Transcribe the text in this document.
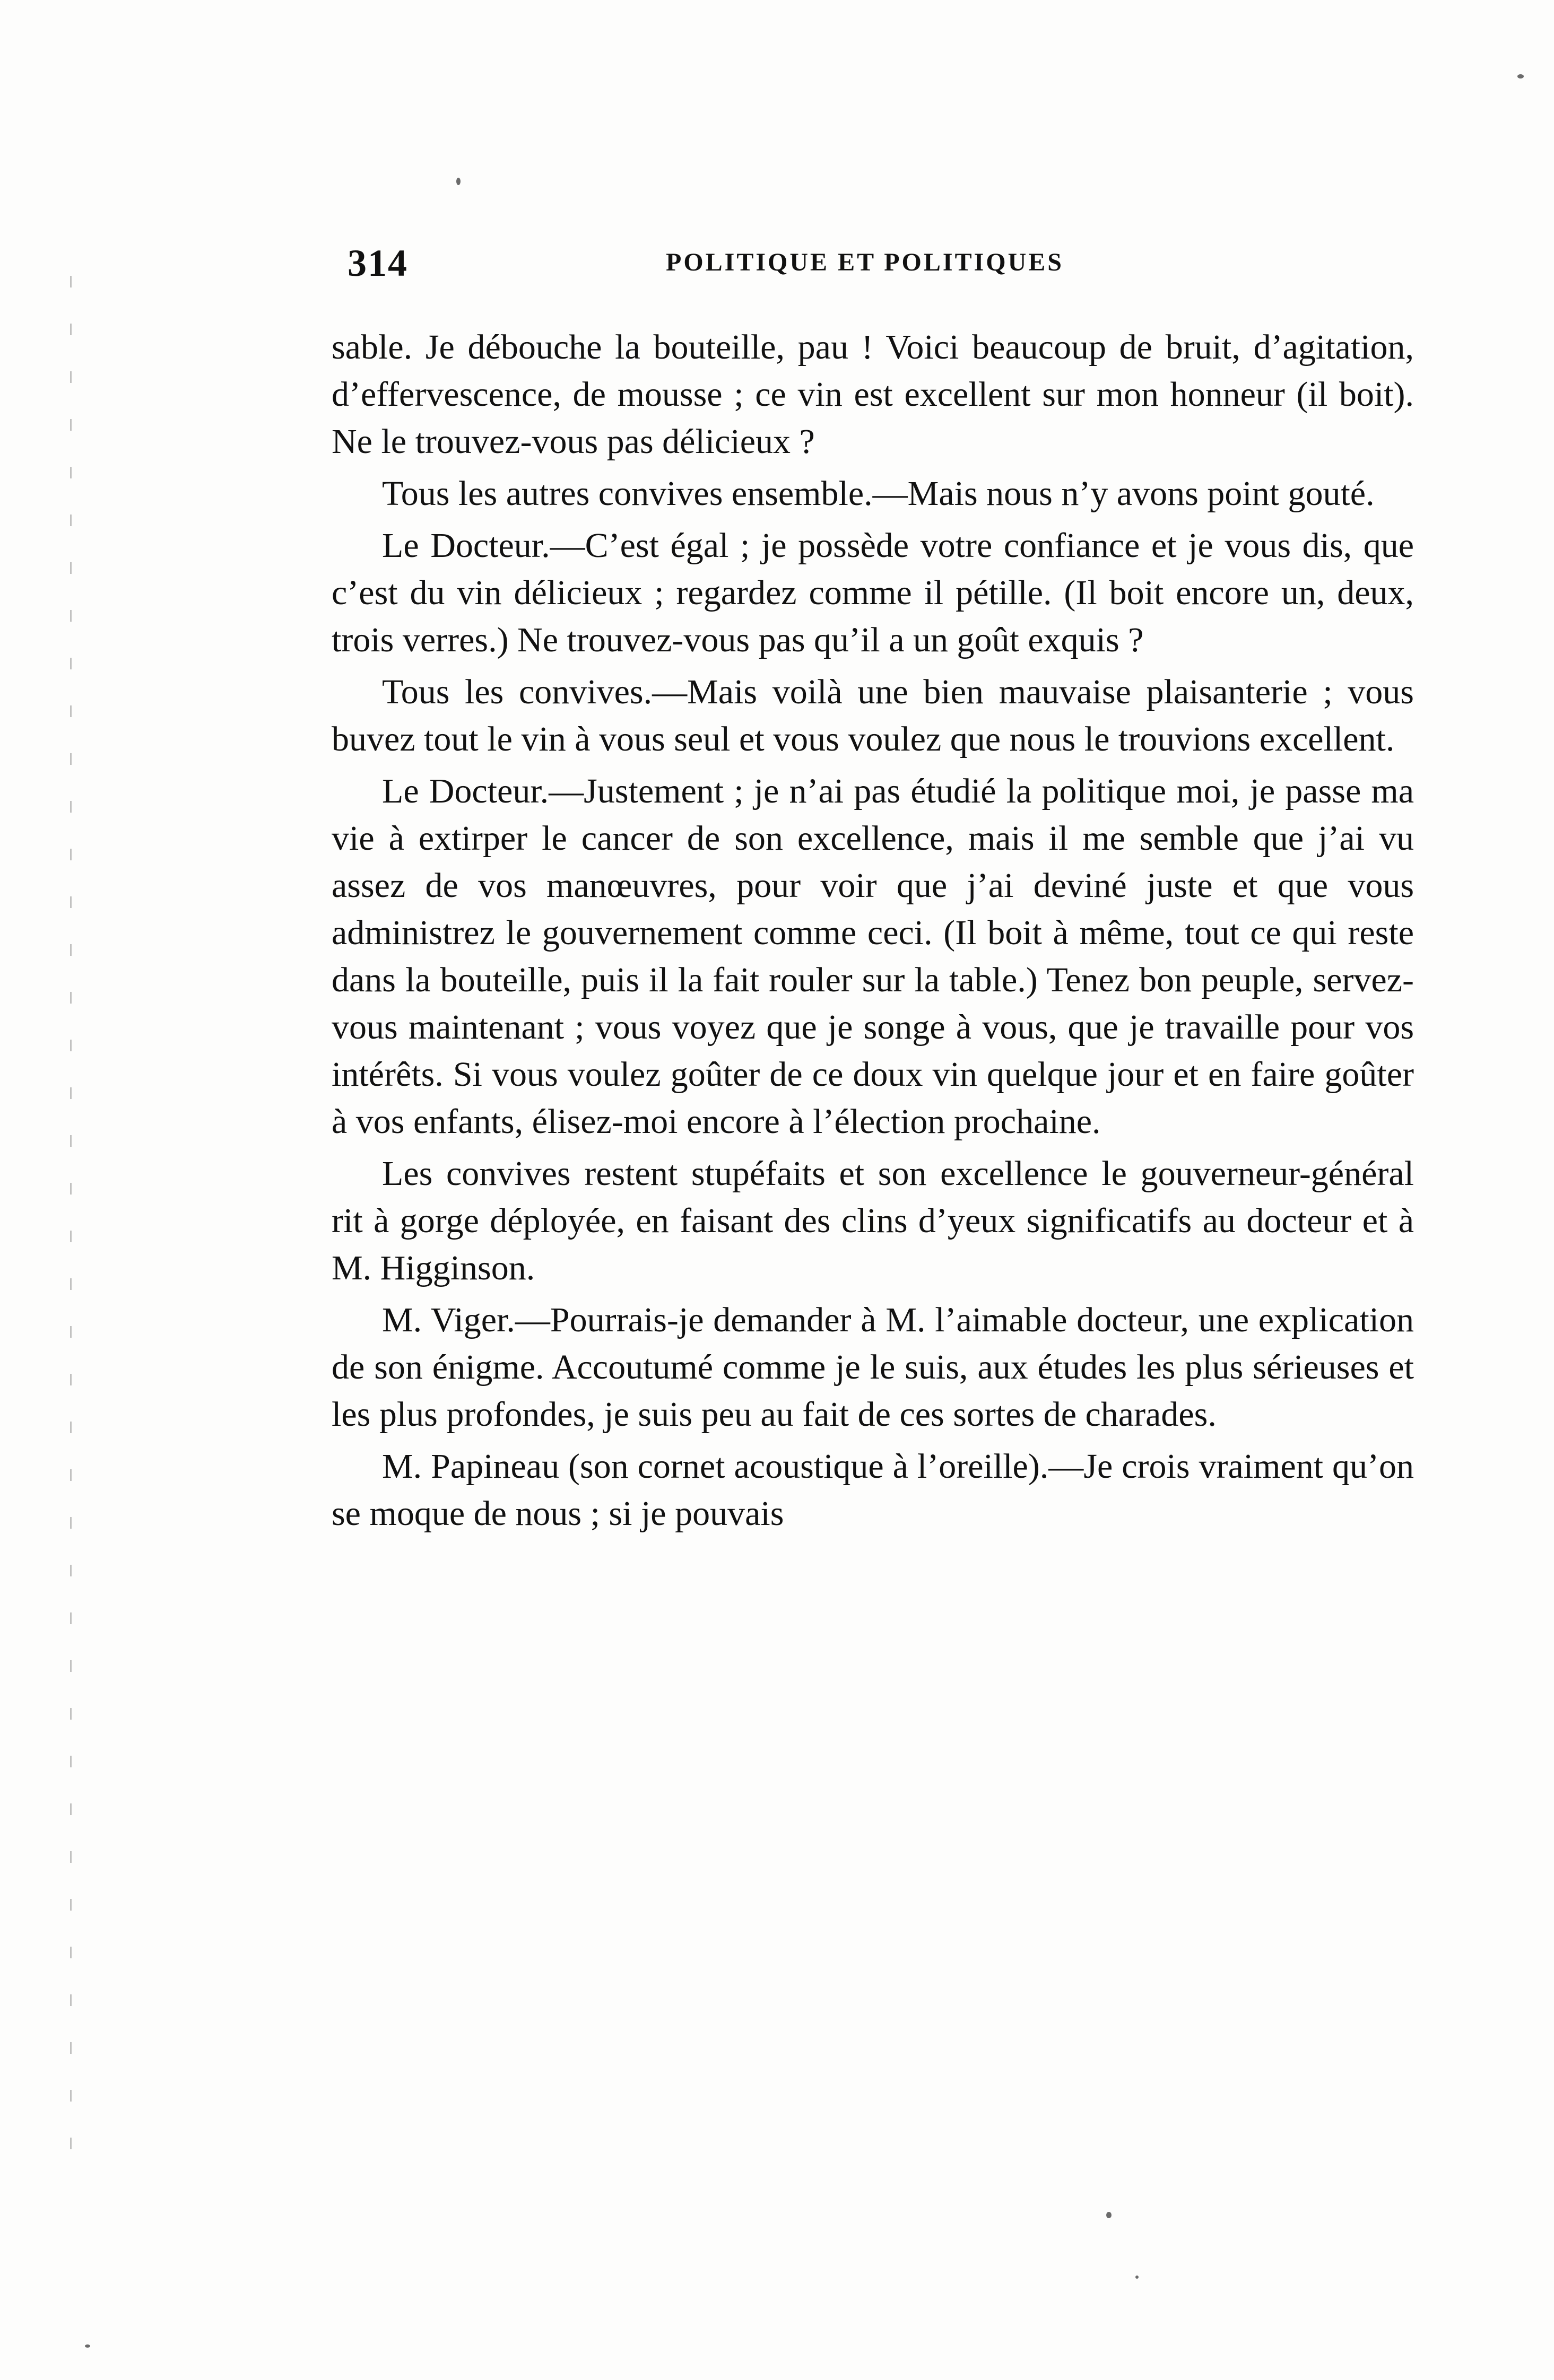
314	POLITIQUE ET POLITIQUES

sable. Je débouche la bouteille, pau ! Voici beaucoup de bruit, d’agitation, d’effervescence, de mousse ; ce vin est excellent sur mon honneur (il boit). Ne le trouvez-vous pas délicieux ?

Tous les autres convives ensemble.—Mais nous n’y avons point gouté.

Le Docteur.—C’est égal ; je possède votre confiance et je vous dis, que c’est du vin délicieux ; regardez comme il pétille. (Il boit encore un, deux, trois verres.) Ne trouvez-vous pas qu’il a un goût exquis ?

Tous les convives.—Mais voilà une bien mauvaise plaisanterie ; vous buvez tout le vin à vous seul et vous voulez que nous le trouvions excellent.

Le Docteur.—Justement ; je n’ai pas étudié la politique moi, je passe ma vie à extirper le cancer de son excellence, mais il me semble que j’ai vu assez de vos manœuvres, pour voir que j’ai deviné juste et que vous administrez le gouvernement comme ceci. (Il boit à même, tout ce qui reste dans la bouteille, puis il la fait rouler sur la table.) Tenez bon peuple, servez-vous maintenant ; vous voyez que je songe à vous, que je travaille pour vos intérêts. Si vous voulez goûter de ce doux vin quelque jour et en faire goûter à vos enfants, élisez-moi encore à l’élection prochaine.

Les convives restent stupéfaits et son excellence le gouverneur-général rit à gorge déployée, en faisant des clins d’yeux significatifs au docteur et à M. Higginson.

M. Viger.—Pourrais-je demander à M. l’aimable docteur, une explication de son énigme. Accoutumé comme je le suis, aux études les plus sérieuses et les plus profondes, je suis peu au fait de ces sortes de charades.

M. Papineau (son cornet acoustique à l’oreille).—Je crois vraiment qu’on se moque de nous ; si je pouvais
